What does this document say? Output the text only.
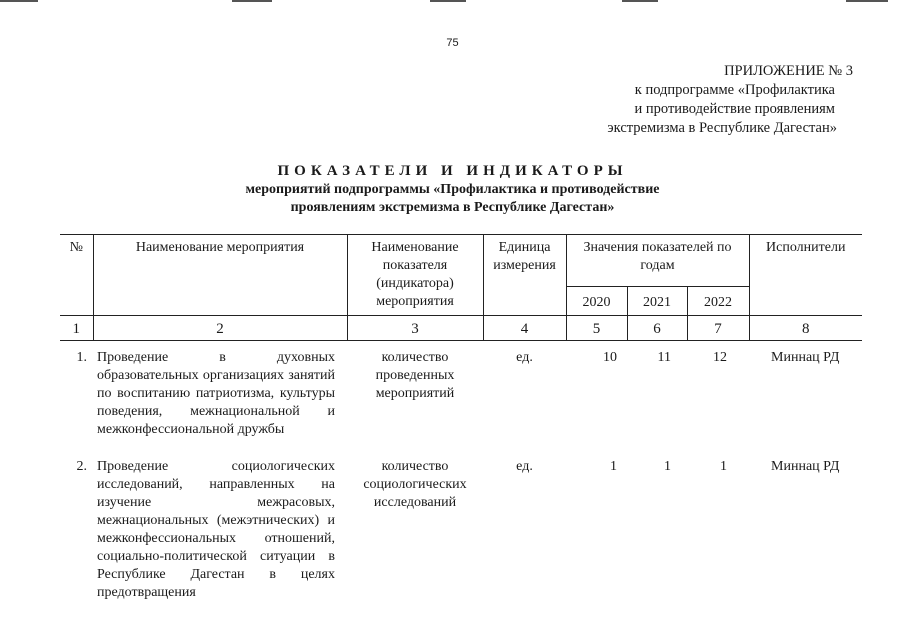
75
ПРИЛОЖЕНИЕ № 3
к подпрограмме «Профилактика
и противодействие проявлениям
экстремизма в Республике Дагестан»
ПОКАЗАТЕЛИ И ИНДИКАТОРЫ
мероприятий подпрограммы «Профилактика и противодействие
проявлениям экстремизма в Республике Дагестан»
№	Наименование мероприятия	Наименование показателя (индикатора) мероприятия	Единица измерения	Значения показателей по годам			Исполнители
				2020	2021	2022	
1	2	3	4	5	6	7	8
1.	Проведение в духовных образовательных организациях занятий по воспитанию патриотизма, культуры поведения, межнациональной и межконфессиональной дружбы	количество проведенных мероприятий	ед.	10	11	12	Миннац РД
2.	Проведение социологических исследований, направленных на изучение межрасовых, межнациональных (межэтнических) и межконфессиональных отношений, социально-политической ситуации в Республике Дагестан в целях предотвращения	количество социологических исследований	ед.	1	1	1	Миннац РД
